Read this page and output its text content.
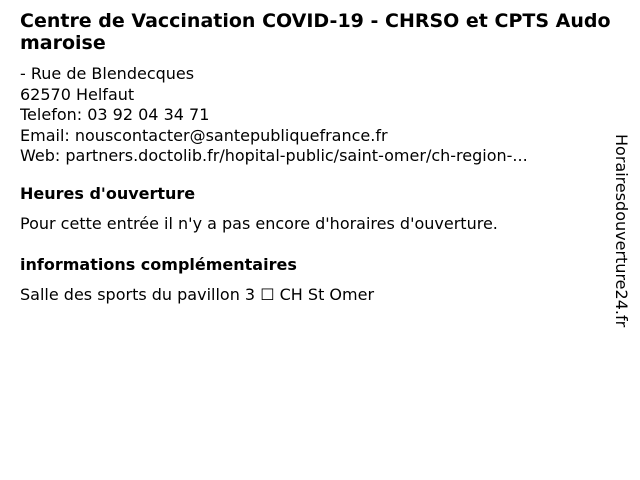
Centre de Vaccination COVID-19 - CHRSO et CPTS Audomaroise
- Rue de Blendecques
62570 Helfaut
Telefon: 03 92 04 34 71
Email: nouscontacter@santepubliquefrance.fr
Web: partners.doctolib.fr/hopital-public/saint-omer/ch-region-...
Heures d'ouverture

Pour cette entrée il n'y a pas encore d'horaires d'ouverture.

informations complémentaires

Salle des sports du pavillon 3 ☐ CH St Omer	Horairesdouverture24.fr
